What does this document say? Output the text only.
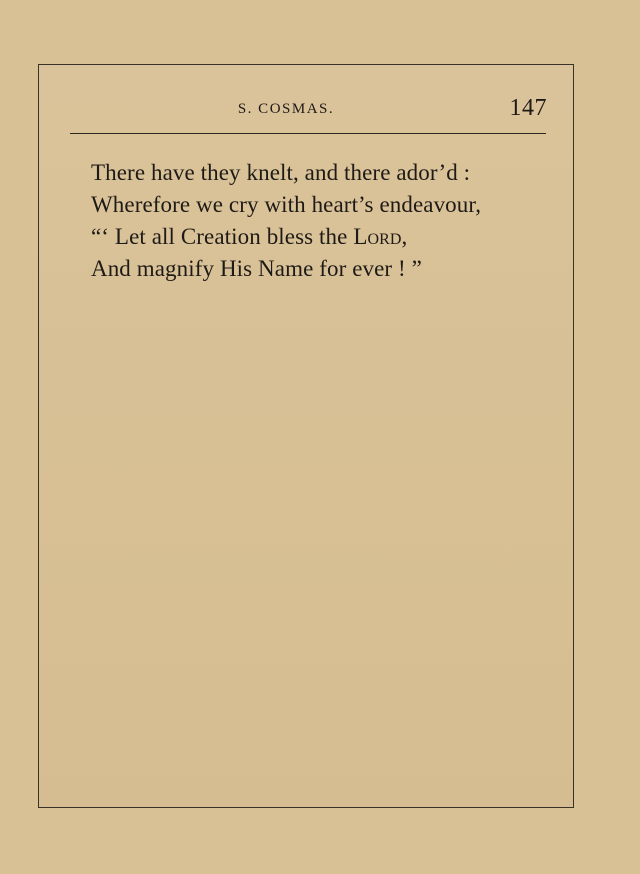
S. COSMAS.	147
There have they knelt, and there ador’d :
Wherefore we cry with heart’s endeavour,
“‘ Let all Creation bless the Lord,
And magnify His Name for ever ! ”
